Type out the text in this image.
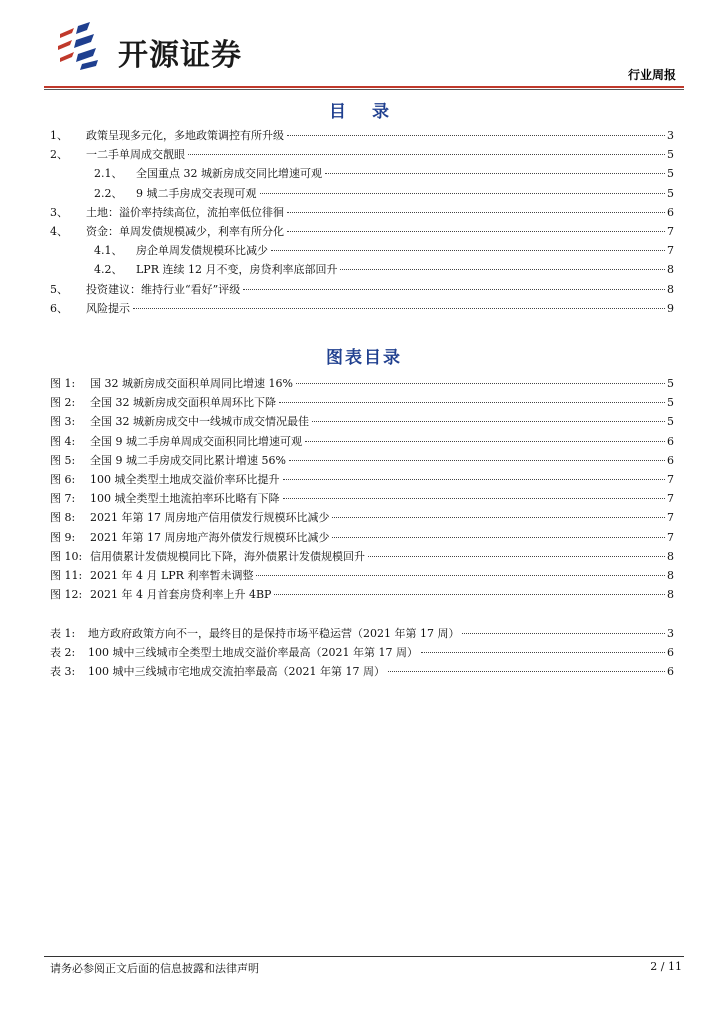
开源证券
行业周报
目 录
1、	政策呈现多元化，多地政策调控有所升级	3
2、	一二手单周成交靓眼	5
2.1、	全国重点 32 城新房成交同比增速可观	5
2.2、	9 城二手房成交表现可观	5
3、	土地：溢价率持续高位，流拍率低位徘徊	6
4、	资金：单周发债规模减少，利率有所分化	7
4.1、	房企单周发债规模环比减少	7
4.2、	LPR 连续 12 月不变，房贷利率底部回升	8
5、	投资建议：维持行业“看好”评级	8
6、	风险提示	9
图表目录
图 1:	国 32 城新房成交面积单周同比增速 16%	5
图 2:	全国 32 城新房成交面积单周环比下降	5
图 3:	全国 32 城新房成交中一线城市成交情况最佳	5
图 4:	全国 9 城二手房单周成交面积同比增速可观	6
图 5:	全国 9 城二手房成交同比累计增速 56%	6
图 6:	100 城全类型土地成交溢价率环比提升	7
图 7:	100 城全类型土地流拍率环比略有下降	7
图 8:	2021 年第 17 周房地产信用债发行规模环比减少	7
图 9:	2021 年第 17 周房地产海外债发行规模环比减少	7
图 10: 信用债累计发债规模同比下降，海外债累计发债规模回升	8
图 11: 2021 年 4 月 LPR 利率暂未调整	8
图 12: 2021 年 4 月首套房贷利率上升 4BP	8
表 1:	地方政府政策方向不一，最终目的是保持市场平稳运营（2021 年第 17 周）	3
表 2:	100 城中三线城市全类型土地成交溢价率最高（2021 年第 17 周）	6
表 3:	100 城中三线城市宅地成交流拍率最高（2021 年第 17 周）	6
请务必参阅正文后面的信息披露和法律声明	2 / 11
